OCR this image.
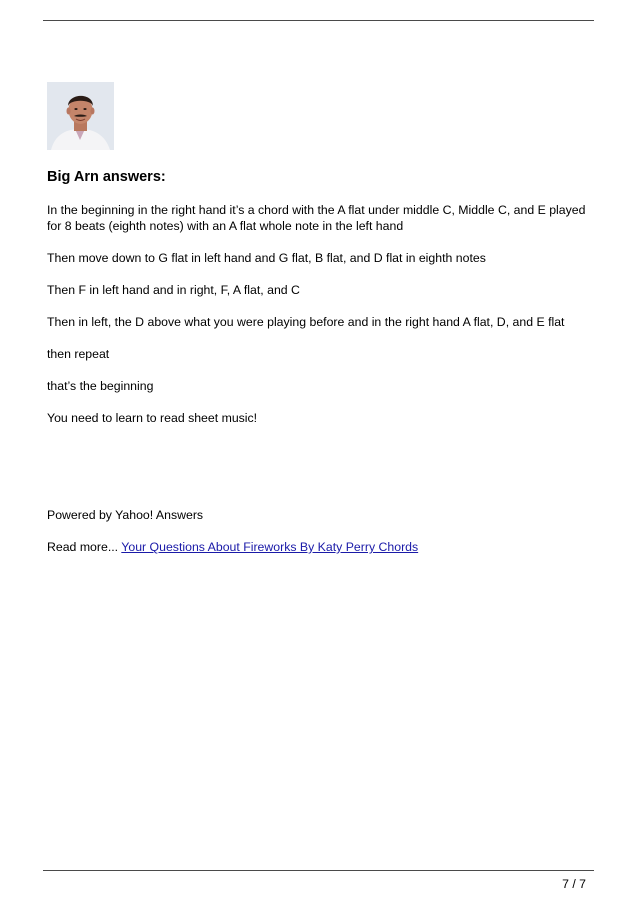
Big Arn answers:
In the beginning in the right hand it’s a chord with the A flat under middle C, Middle C, and E played for 8 beats (eighth notes) with an A flat whole note in the left hand
Then move down to G flat in left hand and G flat, B flat, and D flat in eighth notes
Then F in left hand and in right, F, A flat, and C
Then in left, the D above what you were playing before and in the right hand A flat, D, and E flat
then repeat
that’s the beginning
You need to learn to read sheet music!
Powered by Yahoo! Answers
Read more... Your Questions About Fireworks By Katy Perry Chords
7 / 7
